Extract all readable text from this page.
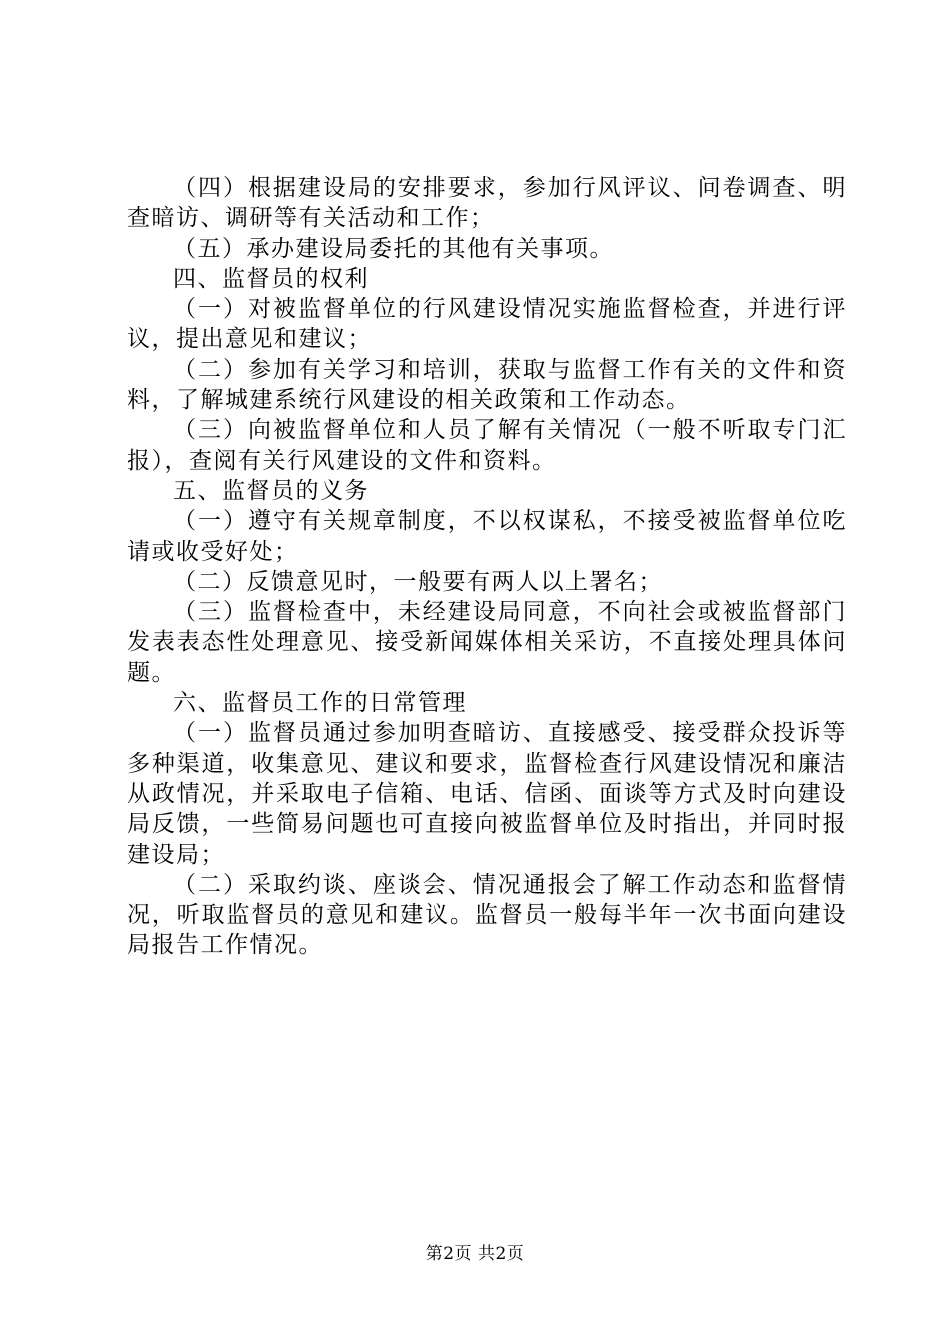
（四）根据建设局的安排要求，参加行风评议、问卷调查、明查暗访、调研等有关活动和工作；

（五）承办建设局委托的其他有关事项。

四、监督员的权利

（一）对被监督单位的行风建设情况实施监督检查，并进行评议，提出意见和建议；

（二）参加有关学习和培训，获取与监督工作有关的文件和资料，了解城建系统行风建设的相关政策和工作动态。

（三）向被监督单位和人员了解有关情况（一般不听取专门汇报），查阅有关行风建设的文件和资料。

五、监督员的义务

（一）遵守有关规章制度，不以权谋私，不接受被监督单位吃请或收受好处；

（二）反馈意见时，一般要有两人以上署名；

（三）监督检查中，未经建设局同意，不向社会或被监督部门发表表态性处理意见、接受新闻媒体相关采访，不直接处理具体问题。

六、监督员工作的日常管理

（一）监督员通过参加明查暗访、直接感受、接受群众投诉等多种渠道，收集意见、建议和要求，监督检查行风建设情况和廉洁从政情况，并采取电子信箱、电话、信函、面谈等方式及时向建设局反馈，一些简易问题也可直接向被监督单位及时指出，并同时报建设局；

（二）采取约谈、座谈会、情况通报会了解工作动态和监督情况，听取监督员的意见和建议。监督员一般每半年一次书面向建设局报告工作情况。

第2页 共2页
